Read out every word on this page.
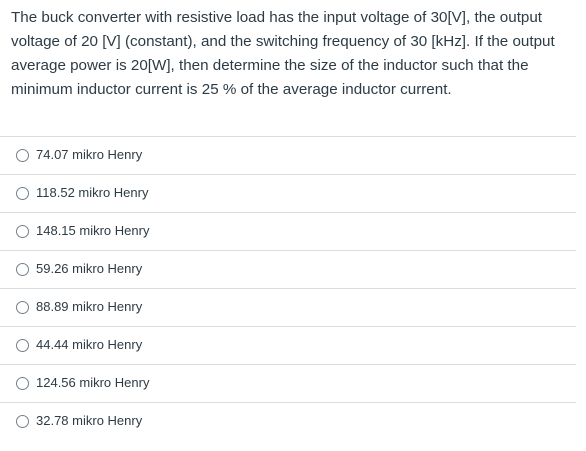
The buck converter with resistive load has the input voltage of 30[V], the output voltage of 20 [V] (constant), and the switching frequency of 30 [kHz]. If the output average power is 20[W], then determine the size of the inductor such that the minimum inductor current is 25 % of the average inductor current.
74.07 mikro Henry
118.52 mikro Henry
148.15 mikro Henry
59.26 mikro Henry
88.89 mikro Henry
44.44 mikro Henry
124.56 mikro Henry
32.78 mikro Henry
